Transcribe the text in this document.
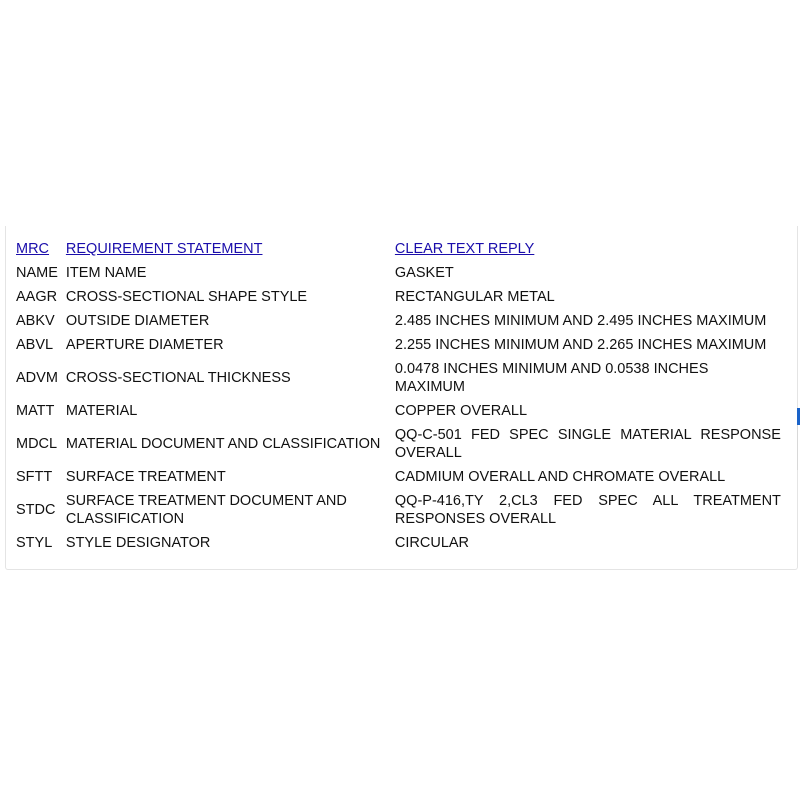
MRC	REQUIREMENT STATEMENT	CLEAR TEXT REPLY
NAME	ITEM NAME	GASKET
AAGR	CROSS-SECTIONAL SHAPE STYLE	RECTANGULAR METAL
ABKV	OUTSIDE DIAMETER	2.485 INCHES MINIMUM AND 2.495 INCHES MAXIMUM
ABVL	APERTURE DIAMETER	2.255 INCHES MINIMUM AND 2.265 INCHES MAXIMUM
ADVM	CROSS-SECTIONAL THICKNESS	0.0478 INCHES MINIMUM AND 0.0538 INCHES MAXIMUM
MATT	MATERIAL	COPPER OVERALL
MDCL	MATERIAL DOCUMENT AND CLASSIFICATION	QQ-C-501 FED SPEC SINGLE MATERIAL RESPONSE OVERALL
SFTT	SURFACE TREATMENT	CADMIUM OVERALL AND CHROMATE OVERALL
STDC	SURFACE TREATMENT DOCUMENT AND CLASSIFICATION	QQ-P-416,TY 2,CL3 FED SPEC ALL TREATMENT RESPONSES OVERALL
STYL	STYLE DESIGNATOR	CIRCULAR
